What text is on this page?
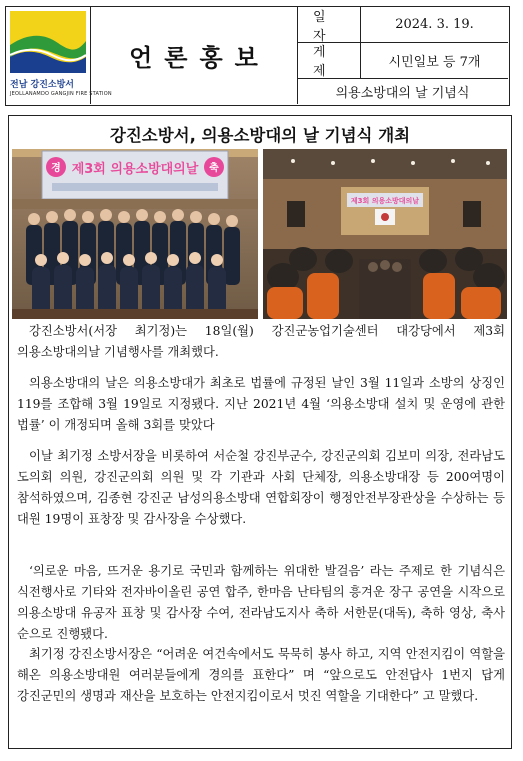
전남 강진소방서
JEOLLANAMDO GANGJIN FIRE STATION
언론홍보
일자
2024. 3. 19.
게제
시민일보 등 7개
의용소방대의 날 기념식
강진소방서, 의용소방대의 날 기념식 개최
경	축
제3회 의용소방대의날
제3회 의용소방대의날

강진소방서(서장 최기정)는 18일(월) 강진군농업기술센터 대강당에서 제3회 의용소방대의날 기념행사를 개최했다.

의용소방대의 날은 의용소방대가 최초로 법률에 규정된 날인 3월 11일과 소방의 상징인 119를 조합해 3월 19일로 지정됐다. 지난 2021년 4월 ‘의용소방대 설치 및 운영에 관한 법률’ 이 개정되며 올해 3회를 맞았다

이날 최기정 소방서장을 비롯하여 서순철 강진부군수, 강진군의회 김보미 의장, 전라남도 도의회 의원, 강진군의회 의원 및 각 기관과 사회 단체장, 의용소방대장 등 200여명이 참석하였으며, 김종현 강진군 남성의용소방대 연합회장이 행정안전부장관상을 수상하는 등 대원 19명이 표창장 및 감사장을 수상했다.

‘의로운 마음, 뜨거운 용기로 국민과 함께하는 위대한 발걸음’ 라는 주제로 한 기념식은 식전행사로 기타와 전자바이올린 공연 합주, 한마음 난타팀의 흥겨운 장구 공연을 시작으로 의용소방대 유공자 표창 및 감사장 수여, 전라남도지사 축하 서한문(대독), 축하 영상, 축사 순으로 진행됐다.

최기정 강진소방서장은 “어려운 여건속에서도 묵묵히 봉사 하고, 지역 안전지킴이 역할을 해온 의용소방대원 여러분들에게 경의를 표한다” 며 “앞으로도 안전답사 1번지 답게 강진군민의 생명과 재산을 보호하는 안전지킴이로서 멋진 역할을 기대한다” 고 말했다.
